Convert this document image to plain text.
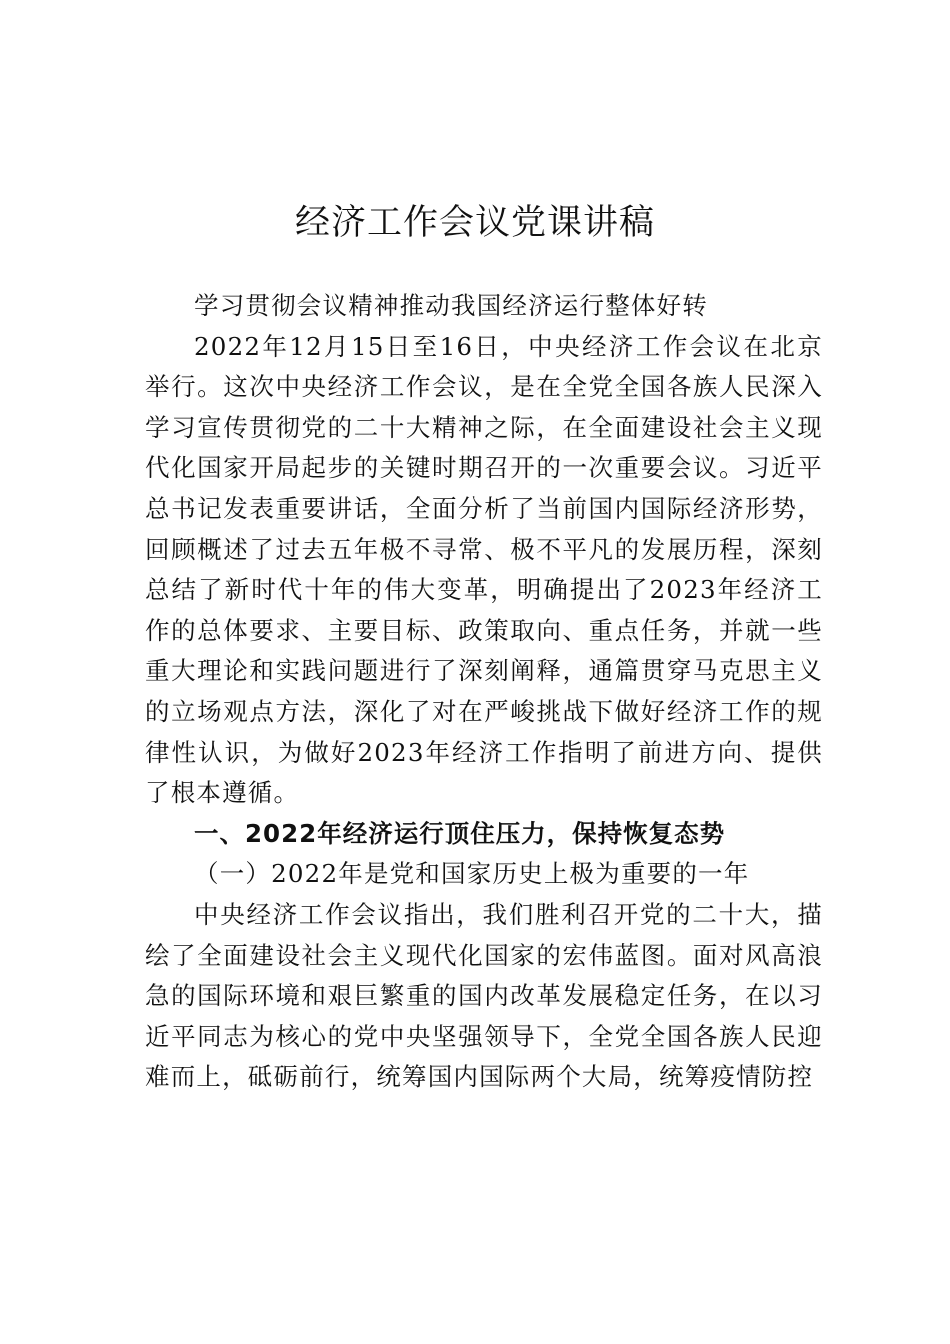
经济工作会议党课讲稿

学习贯彻会议精神推动我国经济运行整体好转

2022年12月15日至16日，中央经济工作会议在北京举行。这次中央经济工作会议，是在全党全国各族人民深入学习宣传贯彻党的二十大精神之际，在全面建设社会主义现代化国家开局起步的关键时期召开的一次重要会议。习近平总书记发表重要讲话，全面分析了当前国内国际经济形势，回顾概述了过去五年极不寻常、极不平凡的发展历程，深刻总结了新时代十年的伟大变革，明确提出了2023年经济工作的总体要求、主要目标、政策取向、重点任务，并就一些重大理论和实践问题进行了深刻阐释，通篇贯穿马克思主义的立场观点方法，深化了对在严峻挑战下做好经济工作的规律性认识，为做好2023年经济工作指明了前进方向、提供了根本遵循。

一、2022年经济运行顶住压力，保持恢复态势

（一）2022年是党和国家历史上极为重要的一年

中央经济工作会议指出，我们胜利召开党的二十大，描绘了全面建设社会主义现代化国家的宏伟蓝图。面对风高浪急的国际环境和艰巨繁重的国内改革发展稳定任务，在以习近平同志为核心的党中央坚强领导下，全党全国各族人民迎难而上，砥砺前行，统筹国内国际两个大局，统筹疫情防控
